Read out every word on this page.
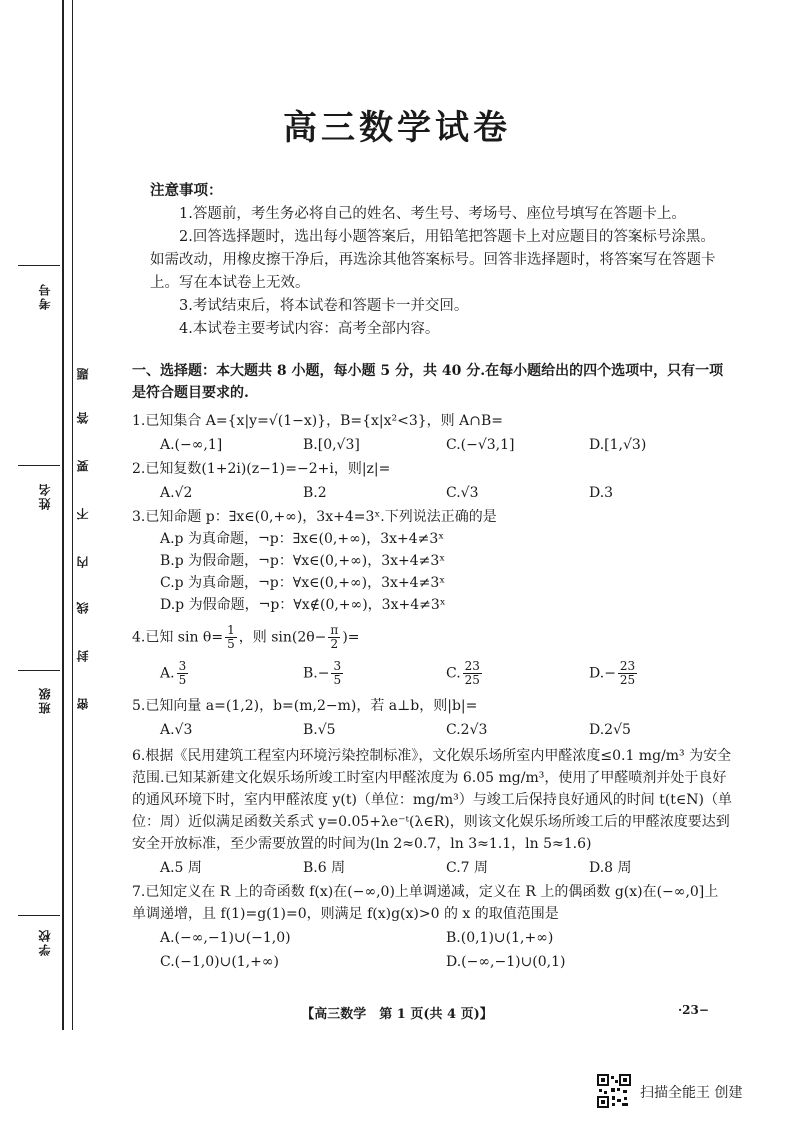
考号
姓名
班级
学校
题
答
要
不
内
线
封
密
高三数学试卷
注意事项：

1.答题前，考生务必将自己的姓名、考生号、考场号、座位号填写在答题卡上。

2.回答选择题时，选出每小题答案后，用铅笔把答题卡上对应题目的答案标号涂黑。如需改动，用橡皮擦干净后，再选涂其他答案标号。回答非选择题时，将答案写在答题卡上。写在本试卷上无效。

3.考试结束后，将本试卷和答题卡一并交回。

4.本试卷主要考试内容：高考全部内容。

一、选择题：本大题共 8 小题，每小题 5 分，共 40 分.在每小题给出的四个选项中，只有一项是符合题目要求的.

1.已知集合 A={x|y=√(1−x)}，B={x|x²<3}，则 A∩B=

A.(−∞,1]	B.[0,√3]	C.(−√3,1]	D.[1,√3)

2.已知复数(1+2i)(z−1)=−2+i，则|z|=

A.√2	B.2	C.√3	D.3

3.已知命题 p：∃x∈(0,+∞)，3x+4=3ˣ.下列说法正确的是

A.p 为真命题，¬p：∃x∈(0,+∞)，3x+4≠3ˣ

B.p 为假命题，¬p：∀x∈(0,+∞)，3x+4≠3ˣ

C.p 为真命题，¬p：∀x∈(0,+∞)，3x+4≠3ˣ

D.p 为假命题，¬p：∀x∉(0,+∞)，3x+4≠3ˣ

4.已知 $\sin \theta= \frac{1}{5}$ ，则 $\sin(2\theta- \frac{\pi}{2}$ )=

A. $\frac{3}{5}$	$B.- \frac{3}{5}$	C. $\frac{23}{25}$	$D.- \frac{23}{25}$

5.已知向量 a=(1,2)，b=(m,2−m)，若 a⊥b，则|b|=

A.√3	B.√5	C.2√3	D.2√5

6.根据《民用建筑工程室内环境污染控制标准》，文化娱乐场所室内甲醛浓度≤0.1 mg/m³ 为安全范围.已知某新建文化娱乐场所竣工时室内甲醛浓度为 6.05 mg/m³，使用了甲醛喷剂并处于良好的通风环境下时，室内甲醛浓度 y(t)（单位：mg/m³）与竣工后保持良好通风的时间 t(t∈N)（单位：周）近似满足函数关系式 y=0.05+λe⁻ᵗ(λ∈R)，则该文化娱乐场所竣工后的甲醛浓度要达到安全开放标准，至少需要放置的时间为(ln 2≈0.7，ln 3≈1.1，ln 5≈1.6)

A.5 周	B.6 周	C.7 周	D.8 周

7.已知定义在 R 上的奇函数 f(x)在(−∞,0)上单调递减，定义在 R 上的偶函数 g(x)在(−∞,0]上单调递增，且 f(1)=g(1)=0，则满足 f(x)g(x)>0 的 x 的取值范围是

A.(−∞,−1)∪(−1,0)	B.(0,1)∪(1,+∞)
C.(−1,0)∪(1,+∞)	D.(−∞,−1)∪(0,1)
【高三数学　第 1 页(共 4 页)】	·23−
扫描全能王 创建
